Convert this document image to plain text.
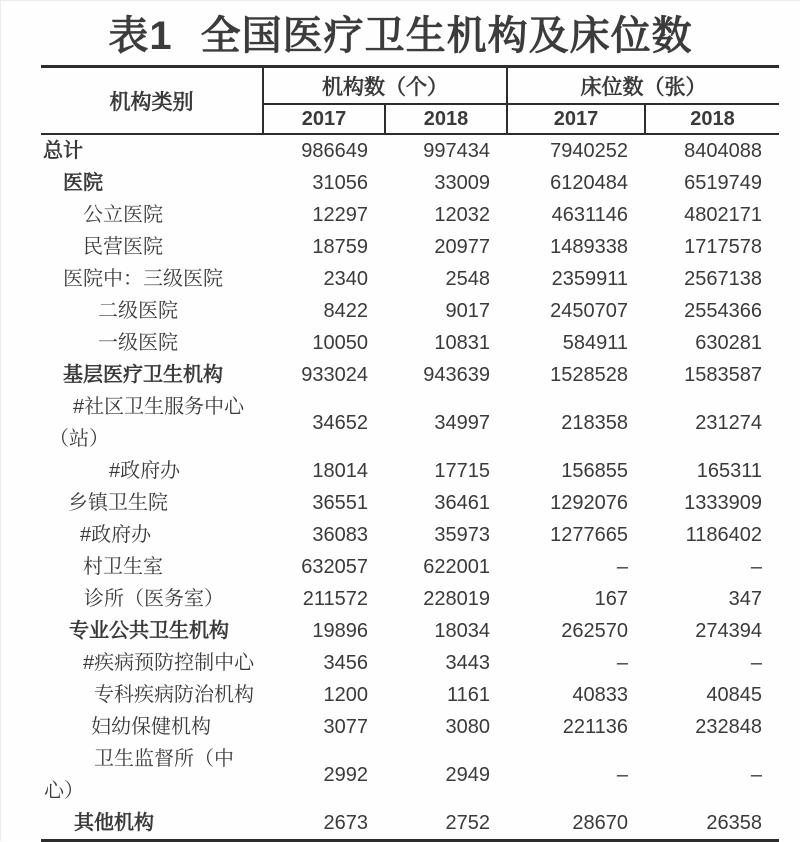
表1 全国医疗卫生机构及床位数
机构类别	机构数（个）		床位数（张）	
	2017	2018	2017	2018

总计	986649	997434	7940252	8404088

医院	31056	33009	6120484	6519749

公立医院	12297	12032	4631146	4802171

民营医院	18759	20977	1489338	1717578

医院中：三级医院	2340	2548	2359911	2567138

二级医院	8422	9017	2450707	2554366

一级医院	10050	10831	584911	630281

基层医疗卫生机构	933024	943639	1528528	1583587

#社区卫生服务中心
（站）	34652	34997	218358	231274

#政府办	18014	17715	156855	165311

乡镇卫生院	36551	36461	1292076	1333909

#政府办	36083	35973	1277665	1186402

村卫生室	632057	622001	–	–

诊所（医务室）	211572	228019	167	347

专业公共卫生机构	19896	18034	262570	274394

#疾病预防控制中心	3456	3443	–	–

专科疾病防治机构	1200	1161	40833	40845

妇幼保健机构	3077	3080	221136	232848

卫生监督所（中
心）	2992	2949	–	–

其他机构	2673	2752	28670	26358
